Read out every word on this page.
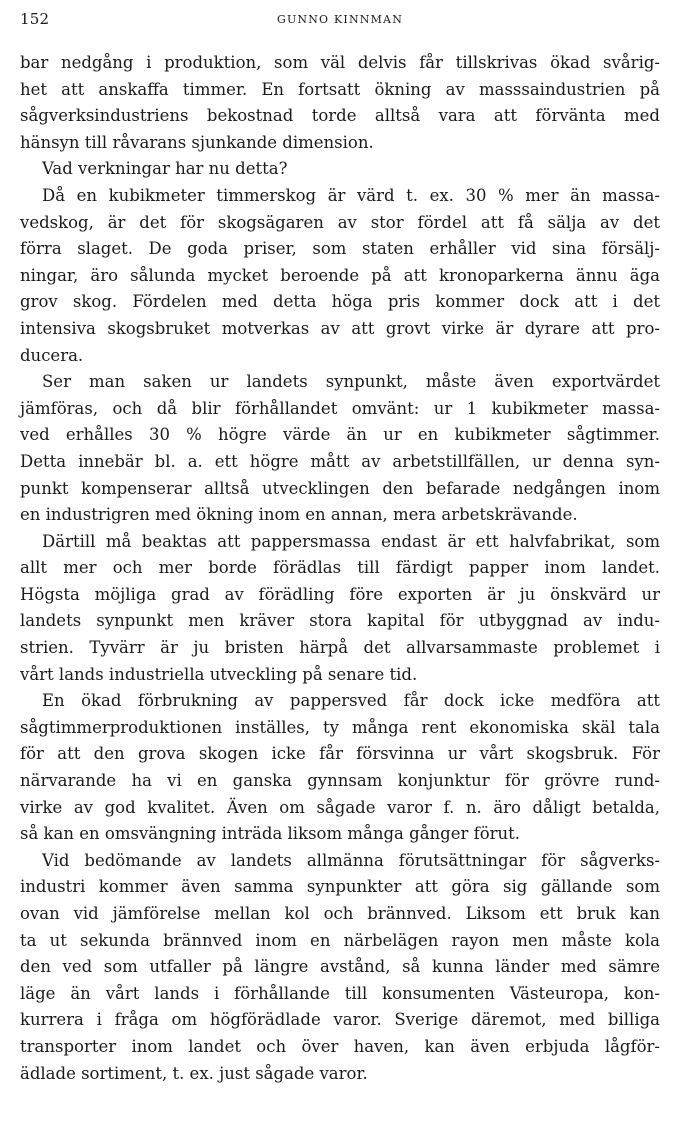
152	GUNNO KINNMAN
bar nedgång i produktion, som väl delvis får tillskrivas ökad svårig-
het att anskaffa timmer. En fortsatt ökning av masssaindustrien på
sågverksindustriens bekostnad torde alltså vara att förvänta med
hänsyn till råvarans sjunkande dimension.
Vad verkningar har nu detta?
Då en kubikmeter timmerskog är värd t. ex. 30 % mer än massa-
vedskog, är det för skogsägaren av stor fördel att få sälja av det
förra slaget. De goda priser, som staten erhåller vid sina försälj-
ningar, äro sålunda mycket beroende på att kronoparkerna ännu äga
grov skog. Fördelen med detta höga pris kommer dock att i det
intensiva skogsbruket motverkas av att grovt virke är dyrare att pro-
ducera.
Ser man saken ur landets synpunkt, måste även exportvärdet
jämföras, och då blir förhållandet omvänt: ur 1 kubikmeter massa-
ved erhålles 30 % högre värde än ur en kubikmeter sågtimmer.
Detta innebär bl. a. ett högre mått av arbetstillfällen, ur denna syn-
punkt kompenserar alltså utvecklingen den befarade nedgången inom
en industrigren med ökning inom en annan, mera arbetskrävande.
Därtill må beaktas att pappersmassa endast är ett halvfabrikat, som
allt mer och mer borde förädlas till färdigt papper inom landet.
Högsta möjliga grad av förädling före exporten är ju önskvärd ur
landets synpunkt men kräver stora kapital för utbyggnad av indu-
strien. Tyvärr är ju bristen härpå det allvarsammaste problemet i
vårt lands industriella utveckling på senare tid.
En ökad förbrukning av pappersved får dock icke medföra att
sågtimmerproduktionen inställes, ty många rent ekonomiska skäl tala
för att den grova skogen icke får försvinna ur vårt skogsbruk. För
närvarande ha vi en ganska gynnsam konjunktur för grövre rund-
virke av god kvalitet. Även om sågade varor f. n. äro dåligt betalda,
så kan en omsvängning inträda liksom många gånger förut.
Vid bedömande av landets allmänna förutsättningar för sågverks-
industri kommer även samma synpunkter att göra sig gällande som
ovan vid jämförelse mellan kol och brännved. Liksom ett bruk kan
ta ut sekunda brännved inom en närbelägen rayon men måste kola
den ved som utfaller på längre avstånd, så kunna länder med sämre
läge än vårt lands i förhållande till konsumenten Västeuropa, kon-
kurrera i fråga om högförädlade varor. Sverige däremot, med billiga
transporter inom landet och över haven, kan även erbjuda lågför-
ädlade sortiment, t. ex. just sågade varor.
